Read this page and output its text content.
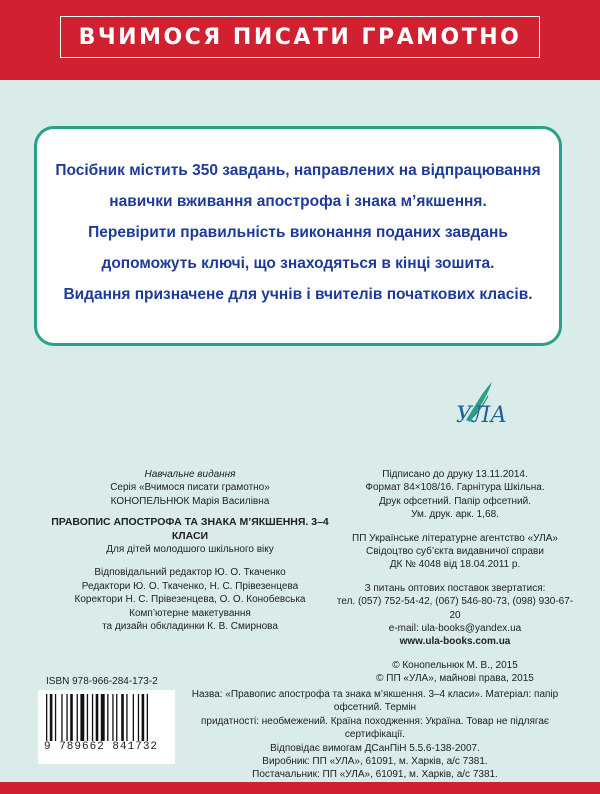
ВЧИМОСЯ ПИСАТИ ГРАМОТНО

Посібник містить 350 завдань, направлених на відпрацювання

навички вживання апострофа і знака м’якшення.

Перевірити правильність виконання поданих завдань

допоможуть ключі, що знаходяться в кінці зошита.

Видання призначене для учнів і вчителів початкових класів.

УЛА
Навчальне видання
Серія «Вчимося писати грамотно»
КОНОПЕЛЬНЮК Марія Василівна
ПРАВОПИС АПОСТРОФА ТА ЗНАКА М’ЯКШЕННЯ. 3–4 КЛАСИ
Для дітей молодшого шкільного віку
Відповідальний редактор Ю. О. Ткаченко
Редактори Ю. О. Ткаченко, Н. С. Прівезенцева
Коректори Н. С. Прівезенцева, О. О. Конобевська
Комп’ютерне макетування
та дизайн обкладинки К. В. Смирнова
Підписано до друку 13.11.2014.
Формат 84×108/16. Гарнітура Шкільна.
Друк офсетний. Папір офсетний.
Ум. друк. арк. 1,68.
ПП Українське літературне агентство «УЛА»
Свідоцтво суб’єкта видавничої справи
ДК № 4048 від 18.04.2011 р.
З питань оптових поставок звертатися:
тел. (057) 752-54-42, (067) 546-80-73, (098) 930-67-20
e-mail: ula-books@yandex.ua
www.ula-books.com.ua
© Конопельнюк М. В., 2015
© ПП «УЛА», майнові права, 2015
ISBN 978-966-284-173-2
9 789662 841732
Назва: «Правопис апострофа та знака м’якшення. 3–4 класи». Матеріал: папір офсетний. Термін
придатності: необмежений. Країна походження: Україна. Товар не підлягає сертифікації.
Відповідає вимогам ДСанПіН 5.5.6-138-2007.
Виробник: ПП «УЛА», 61091, м. Харків, а/с 7381.
Постачальник: ПП «УЛА», 61091, м. Харків, а/с 7381.
